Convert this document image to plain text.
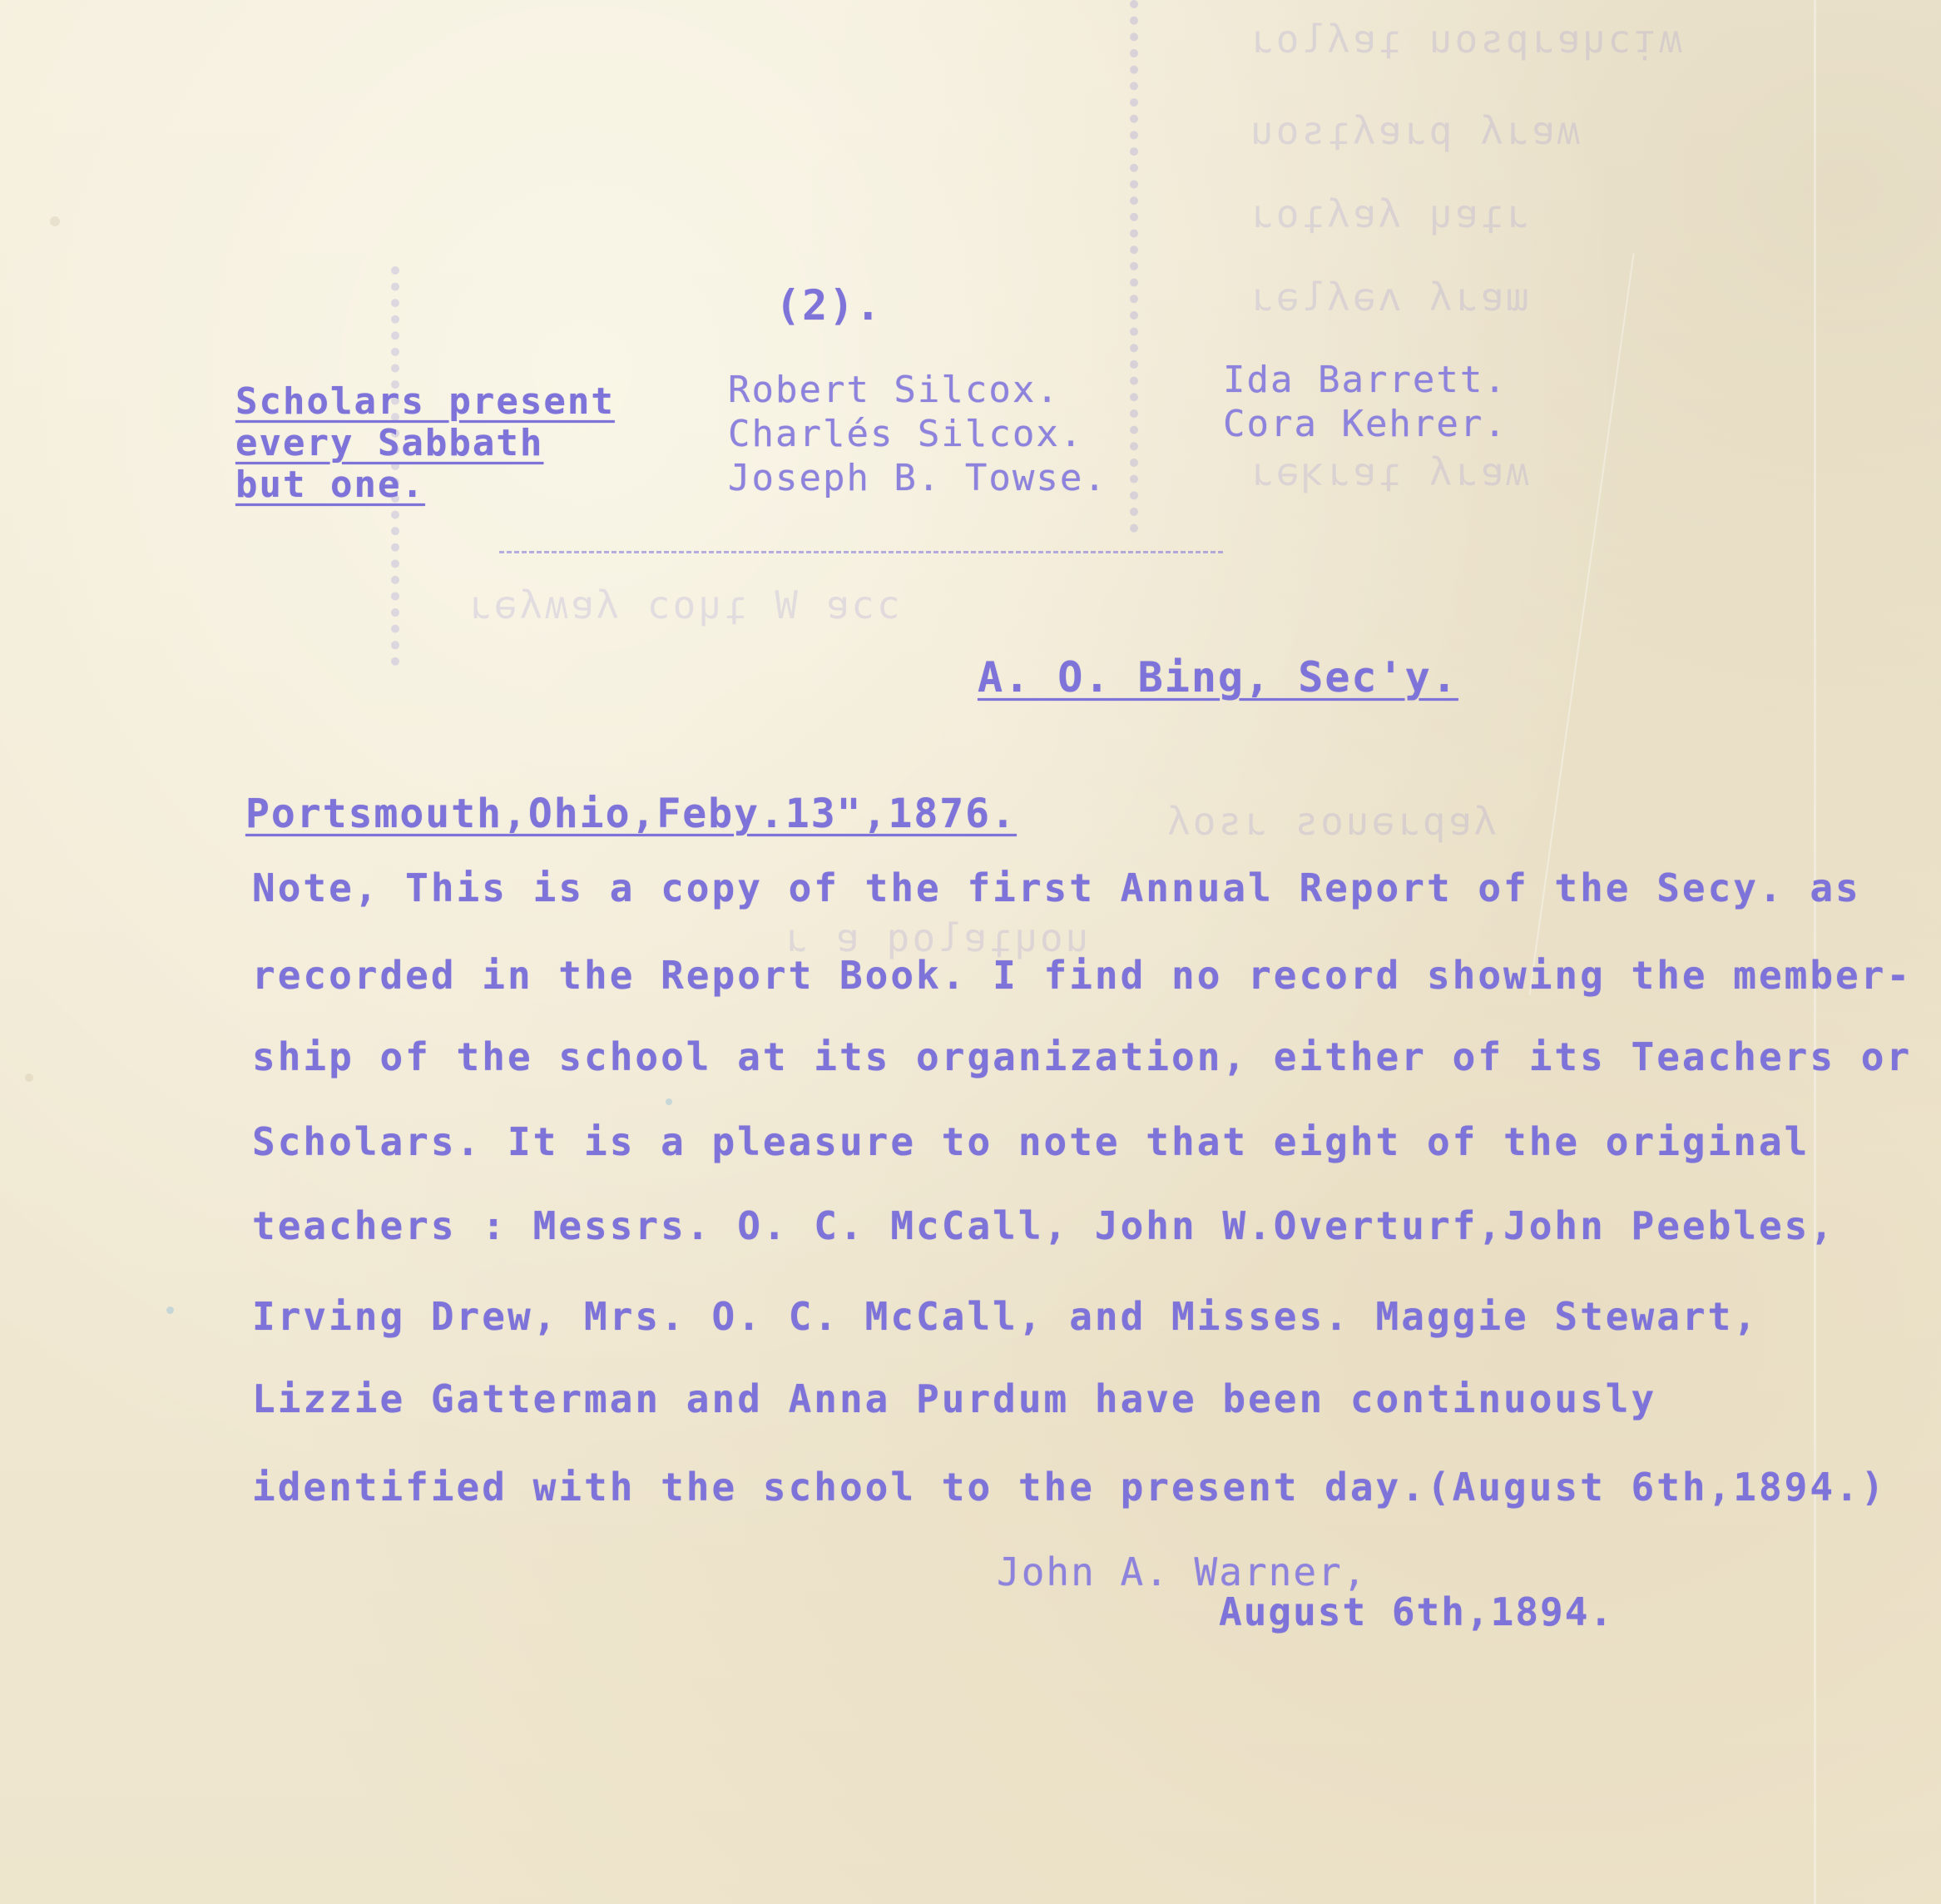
ʍᴉɔɥɐɹpsou ʇɐʎloɹ
ʍɐɹʎ pɹɐʎʇsou
ɹʇɐɥ ʎɐʎʇoɹ
ɯɐɹʎ ʌǝʎlǝɹ
ʍɐɹʎ ʇɐɹʞǝɹ
ɔɔɐ W ʇɥoɔ ʎɐʍʎǝɹ
uoɥʇɐloq ɐ ɹ
ʎɐpɹǝuos ɹsoʎ
(2).
Scholars present
every Sabbath
but one.
Robert Silcox.
Charlés Silcox.
Joseph B. Towse.
Ida Barrett.
Cora Kehrer.
A. O. Bing, Sec'y.
Portsmouth,Ohio,Feby.13",1876.
Note, This is a copy of the first Annual Report of the Secy. as
recorded in the Report Book. I find no record showing the member-
ship of the school at its organization, either of its Teachers or
Scholars. It is a pleasure to note that eight of the original
teachers : Messrs. O. C. McCall, John W.Overturf,John Peebles,
Irving Drew, Mrs. O. C. McCall, and Misses. Maggie Stewart,
Lizzie Gatterman and Anna Purdum have been continuously
identified with the school to the present day.(August 6th,1894.)
John A. Warner,
August 6th,1894.
